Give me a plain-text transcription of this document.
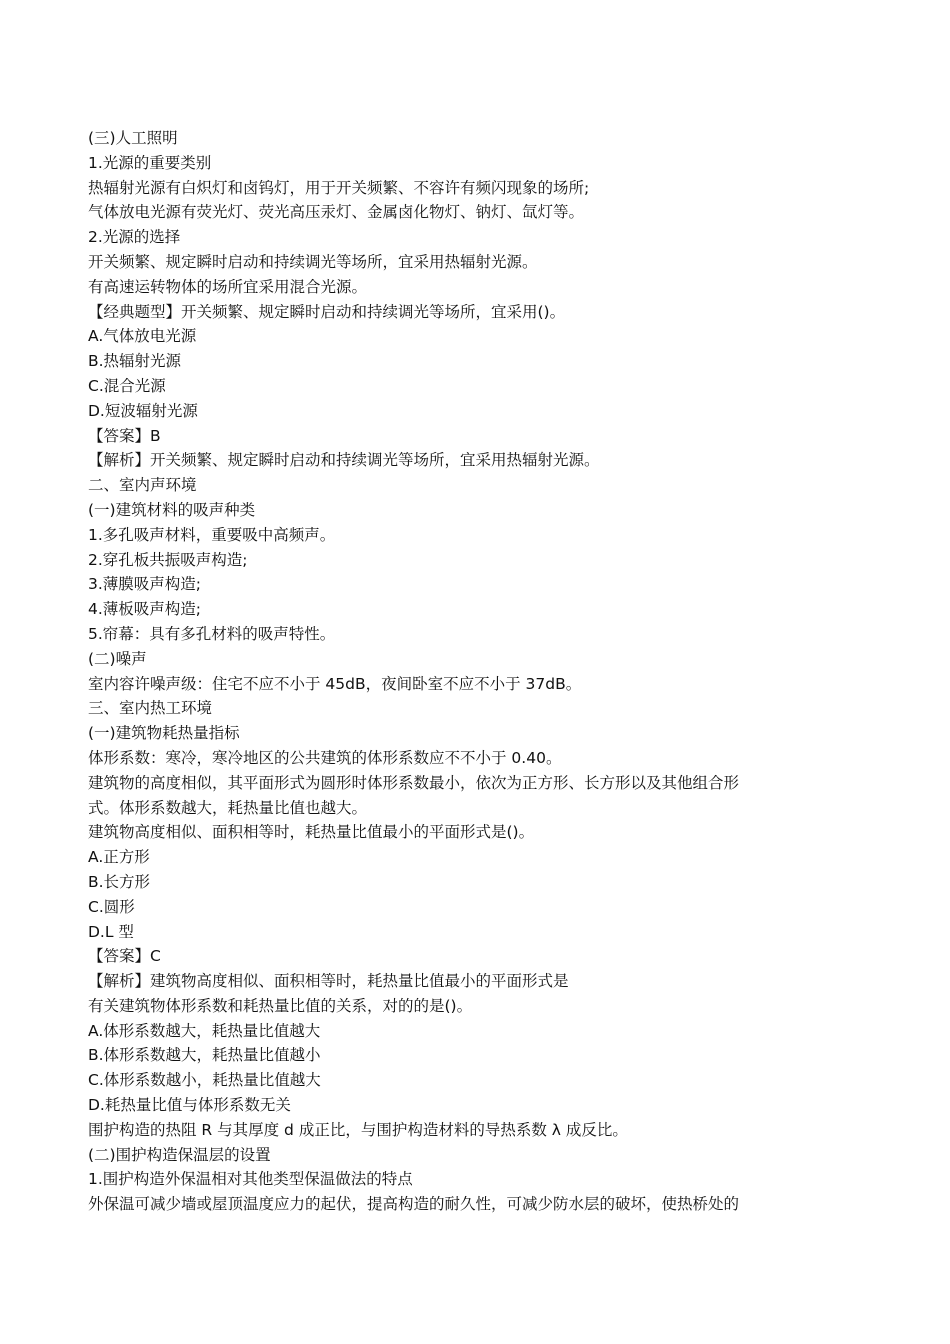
(三)人工照明

1.光源的重要类别

热辐射光源有白炽灯和卤钨灯，用于开关频繁、不容许有频闪现象的场所;

气体放电光源有荧光灯、荧光高压汞灯、金属卤化物灯、钠灯、氙灯等。

2.光源的选择

开关频繁、规定瞬时启动和持续调光等场所，宜采用热辐射光源。

有高速运转物体的场所宜采用混合光源。

【经典题型】开关频繁、规定瞬时启动和持续调光等场所，宜采用()。

A.气体放电光源

B.热辐射光源

C.混合光源

D.短波辐射光源

【答案】B

【解析】开关频繁、规定瞬时启动和持续调光等场所，宜采用热辐射光源。

二、室内声环境

(一)建筑材料的吸声种类

1.多孔吸声材料，重要吸中高频声。

2.穿孔板共振吸声构造;

3.薄膜吸声构造;

4.薄板吸声构造;

5.帘幕：具有多孔材料的吸声特性。

(二)噪声

室内容许噪声级：住宅不应不小于 45dB，夜间卧室不应不小于 37dB。

三、室内热工环境

(一)建筑物耗热量指标

体形系数：寒冷，寒冷地区的公共建筑的体形系数应不不小于 0.40。

建筑物的高度相似，其平面形式为圆形时体形系数最小，依次为正方形、长方形以及其他组合形

式。体形系数越大，耗热量比值也越大。

建筑物高度相似、面积相等时，耗热量比值最小的平面形式是()。

A.正方形

B.长方形

C.圆形

D.L 型

【答案】C

【解析】建筑物高度相似、面积相等时，耗热量比值最小的平面形式是

有关建筑物体形系数和耗热量比值的关系，对的的是()。

A.体形系数越大，耗热量比值越大

B.体形系数越大，耗热量比值越小

C.体形系数越小，耗热量比值越大

D.耗热量比值与体形系数无关

围护构造的热阻 R 与其厚度 d 成正比，与围护构造材料的导热系数 λ 成反比。

(二)围护构造保温层的设置

1.围护构造外保温相对其他类型保温做法的特点

外保温可减少墙或屋顶温度应力的起伏，提高构造的耐久性，可减少防水层的破坏，使热桥处的
